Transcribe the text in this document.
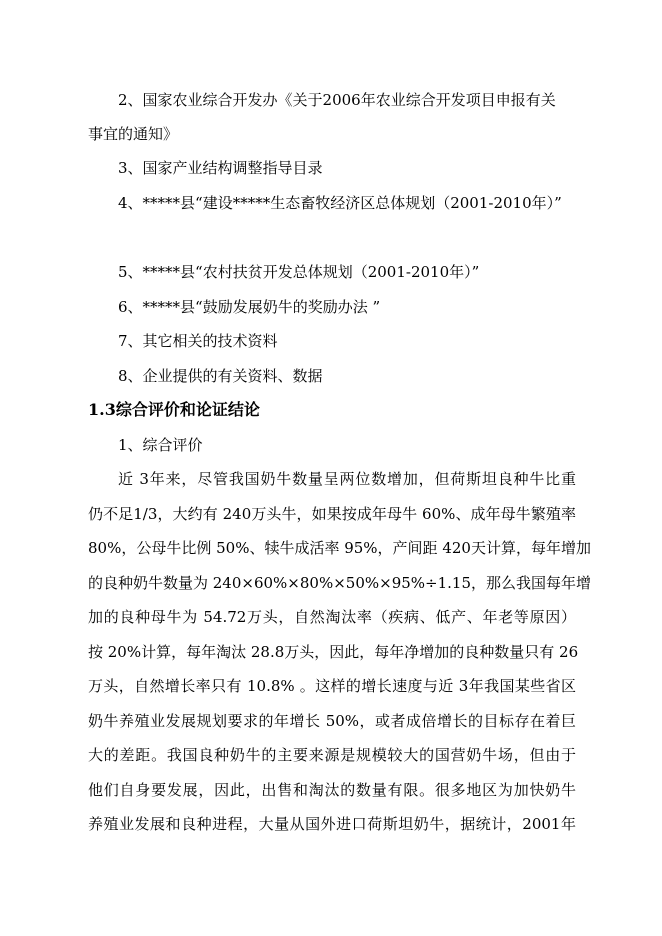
2、国家农业综合开发办《关于2006年农业综合开发项目申报有关
事宜的通知》
3、国家产业结构调整指导目录
4、*****县“建设*****生态畜牧经济区总体规划（2001-2010年）”
5、*****县“农村扶贫开发总体规划（2001-2010年）”
6、*****县“鼓励发展奶牛的奖励办法 ”
7、其它相关的技术资料
8、企业提供的有关资料、数据
1.3综合评价和论证结论
1、综合评价
近 3年来，尽管我国奶牛数量呈两位数增加，但荷斯坦良种牛比重
仍不足1/3，大约有 240万头牛，如果按成年母牛 60%、成年母牛繁殖率
80%，公母牛比例 50%、犊牛成活率 95%，产间距 420天计算，每年增加
的良种奶牛数量为 240×60%×80%×50%×95%÷1.15，那么我国每年增
加的良种母牛为 54.72万头，自然淘汰率（疾病、低产、年老等原因）
按 20%计算，每年淘汰 28.8万头，因此，每年净增加的良种数量只有 26
万头，自然增长率只有 10.8% 。这样的增长速度与近 3年我国某些省区
奶牛养殖业发展规划要求的年增长 50%，或者成倍增长的目标存在着巨
大的差距。我国良种奶牛的主要来源是规模较大的国营奶牛场，但由于
他们自身要发展，因此，出售和淘汰的数量有限。很多地区为加快奶牛
养殖业发展和良种进程，大量从国外进口荷斯坦奶牛，据统计，2001年
